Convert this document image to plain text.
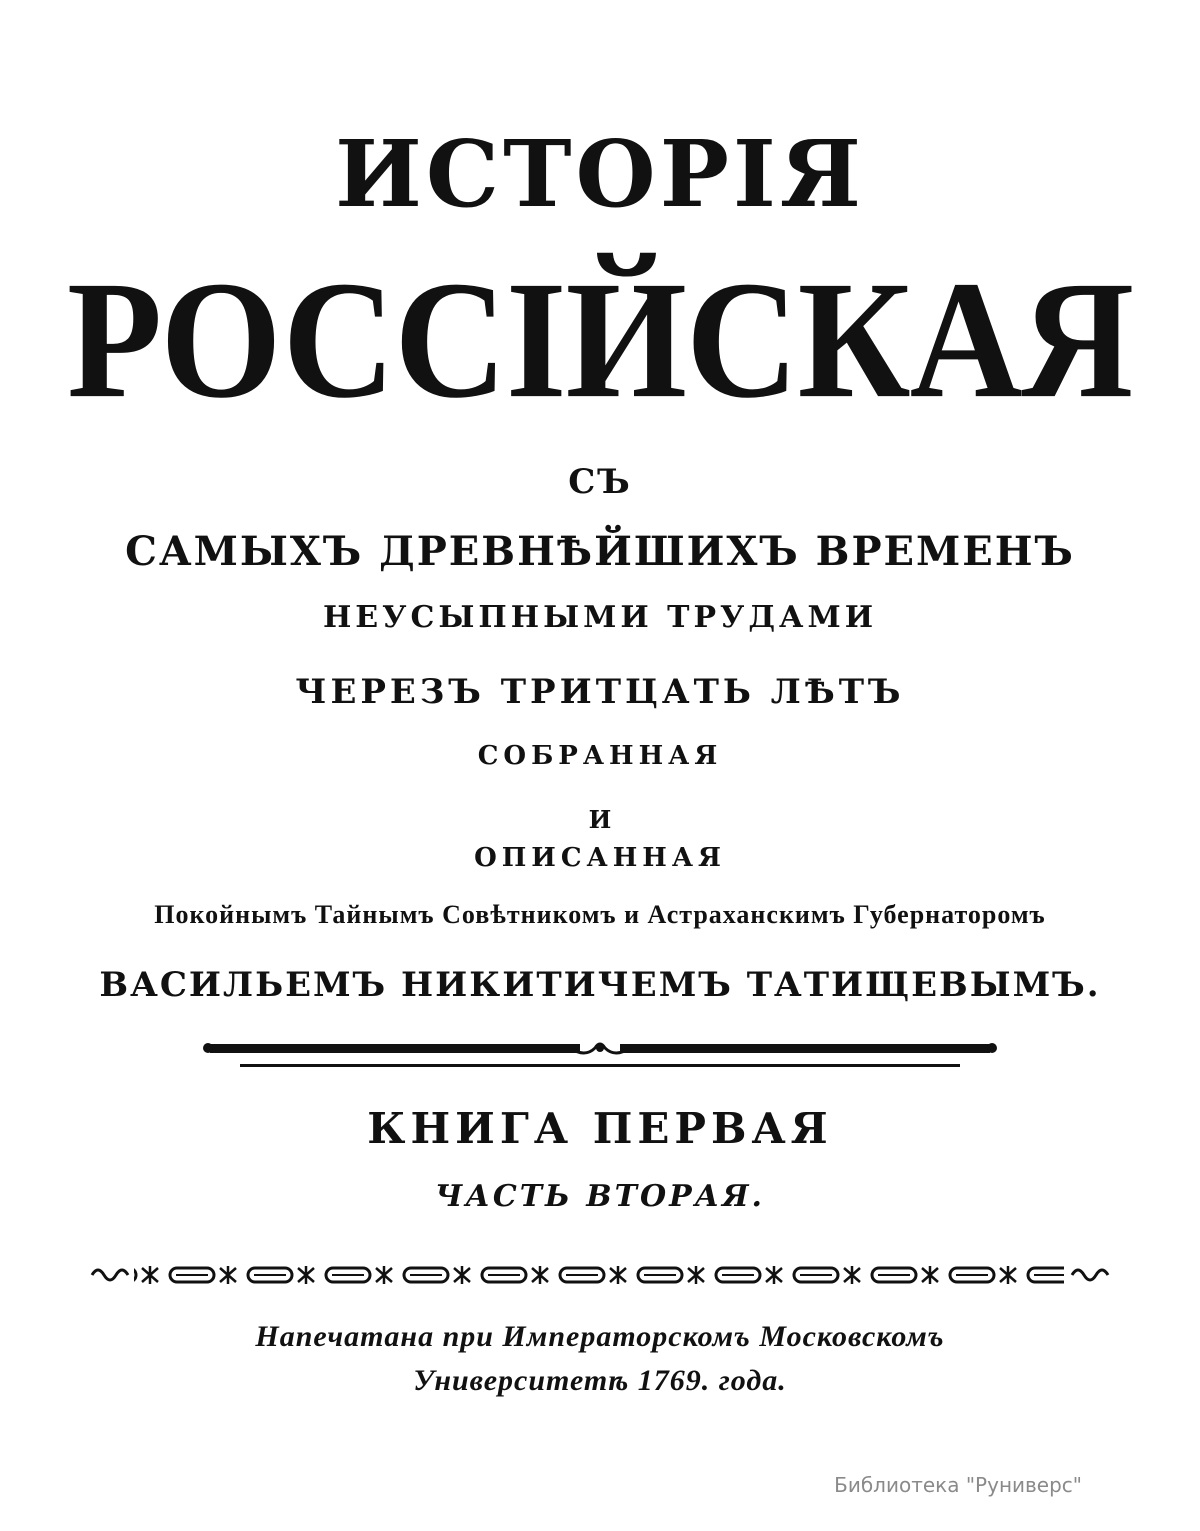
ИСТОРІЯ
РОССІЙСКАЯ
СЪ
САМЫХЪ ДРЕВНѢЙШИХЪ ВРЕМЕНЪ
НЕУСЫПНЫМИ ТРУДАМИ
ЧЕРЕЗЪ ТРИТЦАТЬ ЛѢТЪ
СОБРАННАЯ
И
ОПИСАННАЯ
Покойнымъ Тайнымъ Совѣтникомъ и Астраханскимъ Губернаторомъ
ВАСИЛЬЕМЪ НИКИТИЧЕМЪ ТАТИЩЕВЫМЪ.
КНИГА ПЕРВАЯ
ЧАСТЬ ВТОРАЯ.
Напечатана при Императорскомъ Московскомъ
Университетѣ 1769. года.
Библиотека "Руниверс"
